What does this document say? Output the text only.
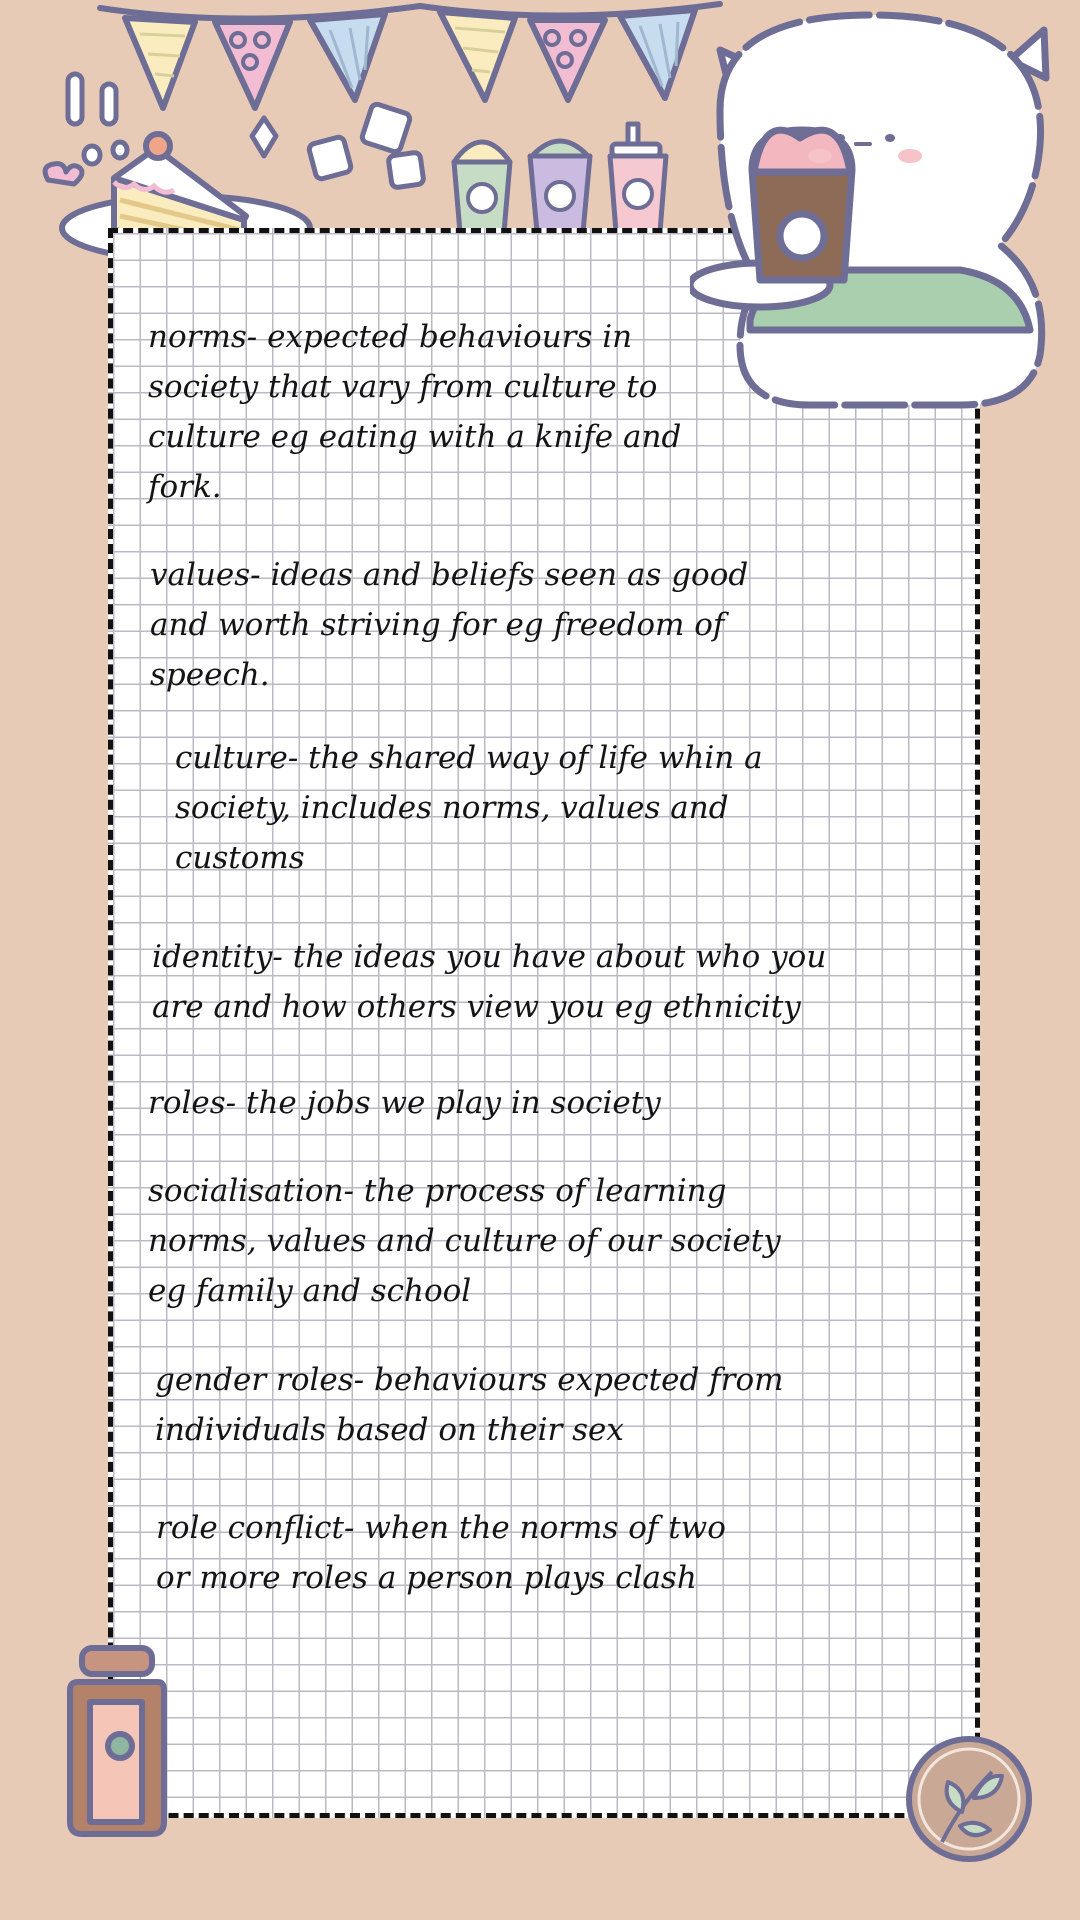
norms- expected behaviours in
society that vary from culture to
culture eg eating with a knife and
fork.

values- ideas and beliefs seen as good
and worth striving for eg freedom of
speech.

culture- the shared way of life whin a
society, includes norms, values and
customs

identity- the ideas you have about who you
are and how others view you eg ethnicity

roles- the jobs we play in society

socialisation- the process of learning
norms, values and culture of our society
eg family and school

gender roles- behaviours expected from
individuals based on their sex

role conflict- when the norms of two
or more roles a person plays clash
